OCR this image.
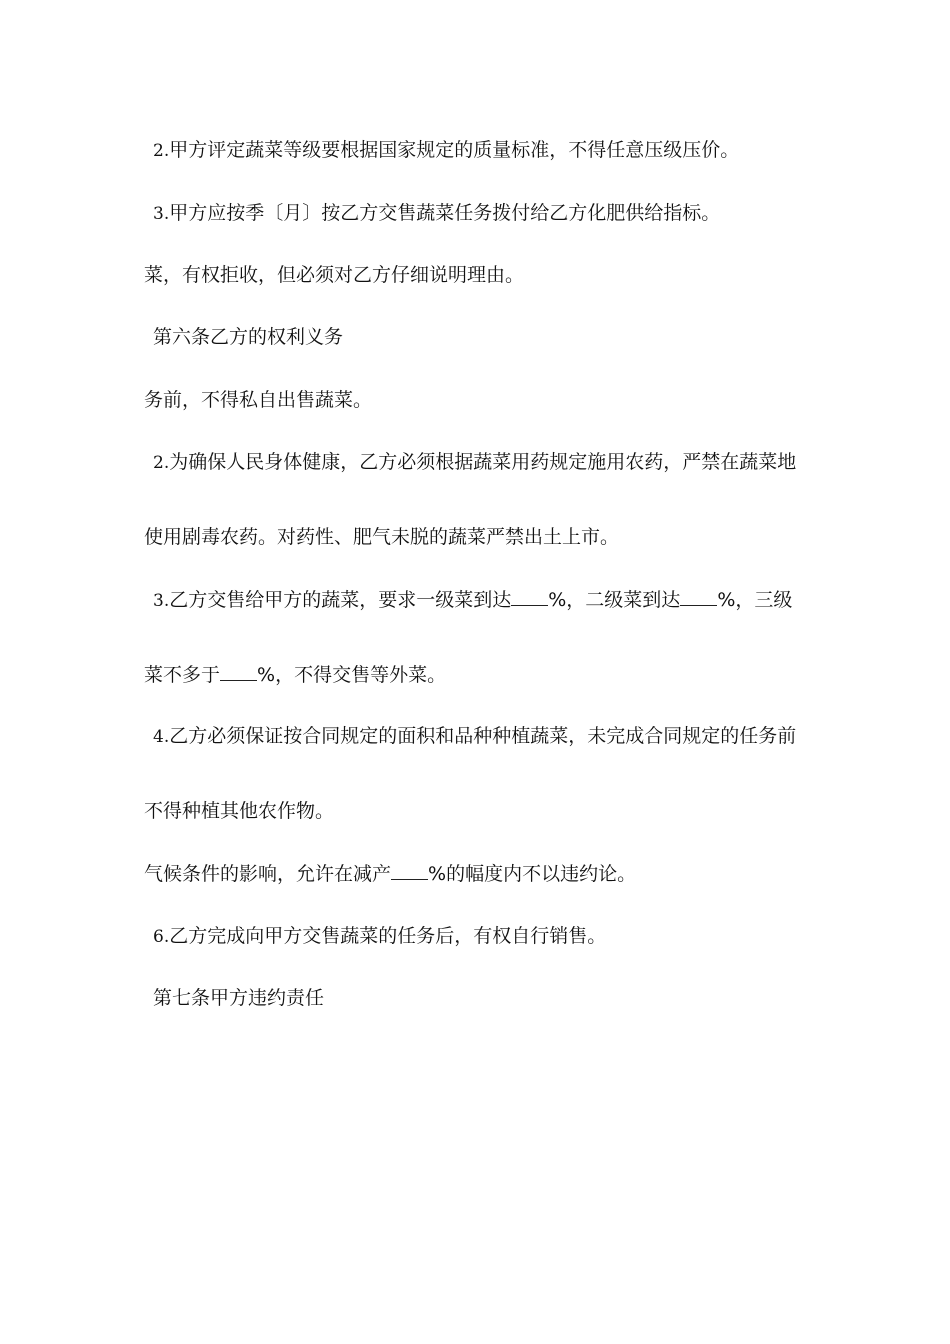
2.甲方评定蔬菜等级要根据国家规定的质量标准，不得任意压级压价。
3.甲方应按季〔月〕按乙方交售蔬菜任务拨付给乙方化肥供给指标。
菜，有权拒收，但必须对乙方仔细说明理由。
第六条乙方的权利义务
务前，不得私自出售蔬菜。
2.为确保人民身体健康，乙方必须根据蔬菜用药规定施用农药，严禁在蔬菜地
使用剧毒农药。对药性、肥气未脱的蔬菜严禁出土上市。
3.乙方交售给甲方的蔬菜，要求一级菜到达 %，二级菜到达 %，三级
菜不多于 %，不得交售等外菜。
4.乙方必须保证按合同规定的面积和品种种植蔬菜，未完成合同规定的任务前
不得种植其他农作物。
气候条件的影响，允许在减产 %的幅度内不以违约论。
6.乙方完成向甲方交售蔬菜的任务后，有权自行销售。
第七条甲方违约责任
